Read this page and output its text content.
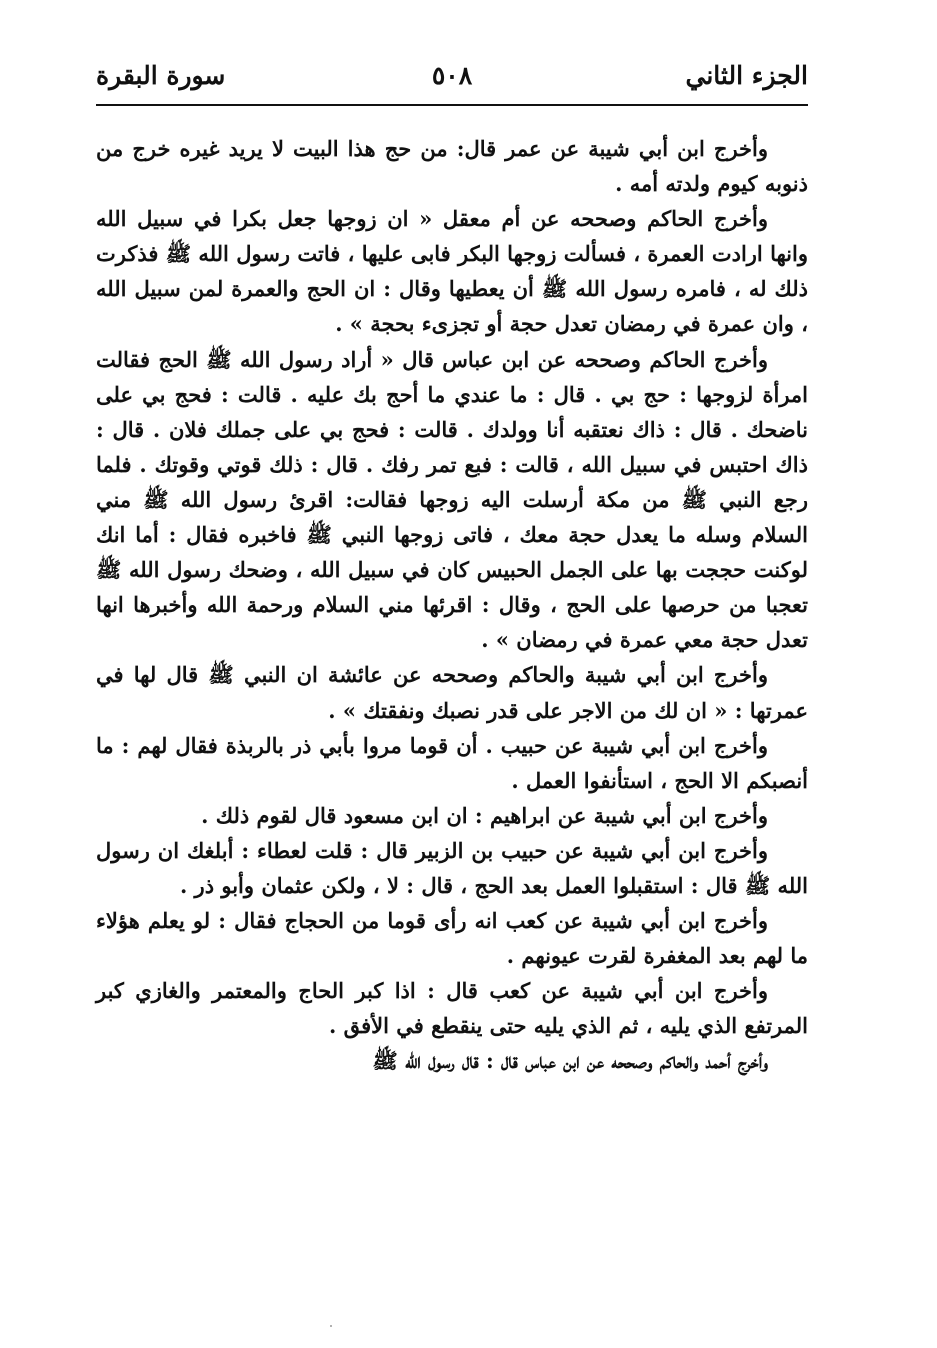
الجزء الثاني
٥٠٨
سورة البقرة

وأخرج ابن أبي شيبة عن عمر قال: من حج هذا البيت لا يريد غيره خرج من ذنوبه كيوم ولدته أمه .

وأخرج الحاكم وصححه عن أم معقل « ان زوجها جعل بكرا في سبيل الله وانها ارادت العمرة ، فسألت زوجها البكر فابى عليها ، فاتت رسول الله ﷺ فذكرت ذلك له ، فامره رسول الله ﷺ أن يعطيها وقال : ان الحج والعمرة لمن سبيل الله ، وان عمرة في رمضان تعدل حجة أو تجزىء بحجة » .

وأخرج الحاكم وصححه عن ابن عباس قال « أراد رسول الله ﷺ الحج فقالت امرأة لزوجها : حج بي . قال : ما عندي ما أحج بك عليه . قالت : فحج بي على ناضحك . قال : ذاك نعتقبه أنا وولدك . قالت : فحج بي على جملك فلان . قال : ذاك احتبس في سبيل الله ، قالت : فبع تمر رفك . قال : ذلك قوتي وقوتك . فلما رجع النبي ﷺ من مكة أرسلت اليه زوجها فقالت: اقرئ رسول الله ﷺ مني السلام وسله ما يعدل حجة معك ، فاتى زوجها النبي ﷺ فاخبره فقال : أما انك لوكنت حججت بها على الجمل الحبيس كان في سبيل الله ، وضحك رسول الله ﷺ تعجبا من حرصها على الحج ، وقال : اقرئها مني السلام ورحمة الله وأخبرها انها تعدل حجة معي عمرة في رمضان » .

وأخرج ابن أبي شيبة والحاكم وصححه عن عائشة ان النبي ﷺ قال لها في عمرتها : « ان لك من الاجر على قدر نصبك ونفقتك » .

وأخرج ابن أبي شيبة عن حبيب . أن قوما مروا بأبي ذر بالربذة فقال لهم : ما أنصبكم الا الحج ، استأنفوا العمل .

وأخرج ابن أبي شيبة عن ابراهيم : ان ابن مسعود قال لقوم ذلك .

وأخرج ابن أبي شيبة عن حبيب بن الزبير قال : قلت لعطاء : أبلغك ان رسول الله ﷺ قال : استقبلوا العمل بعد الحج ، قال : لا ، ولكن عثمان وأبو ذر .

وأخرج ابن أبي شيبة عن كعب انه رأى قوما من الحجاج فقال : لو يعلم هؤلاء ما لهم بعد المغفرة لقرت عيونهم .

وأخرج ابن أبي شيبة عن كعب قال : اذا كبر الحاج والمعتمر والغازي كبر المرتفع الذي يليه ، ثم الذي يليه حتى ينقطع في الأفق .

وأخرج أحمد والحاكم وصححه عن ابن عباس قال : قال رسول الله ﷺ
